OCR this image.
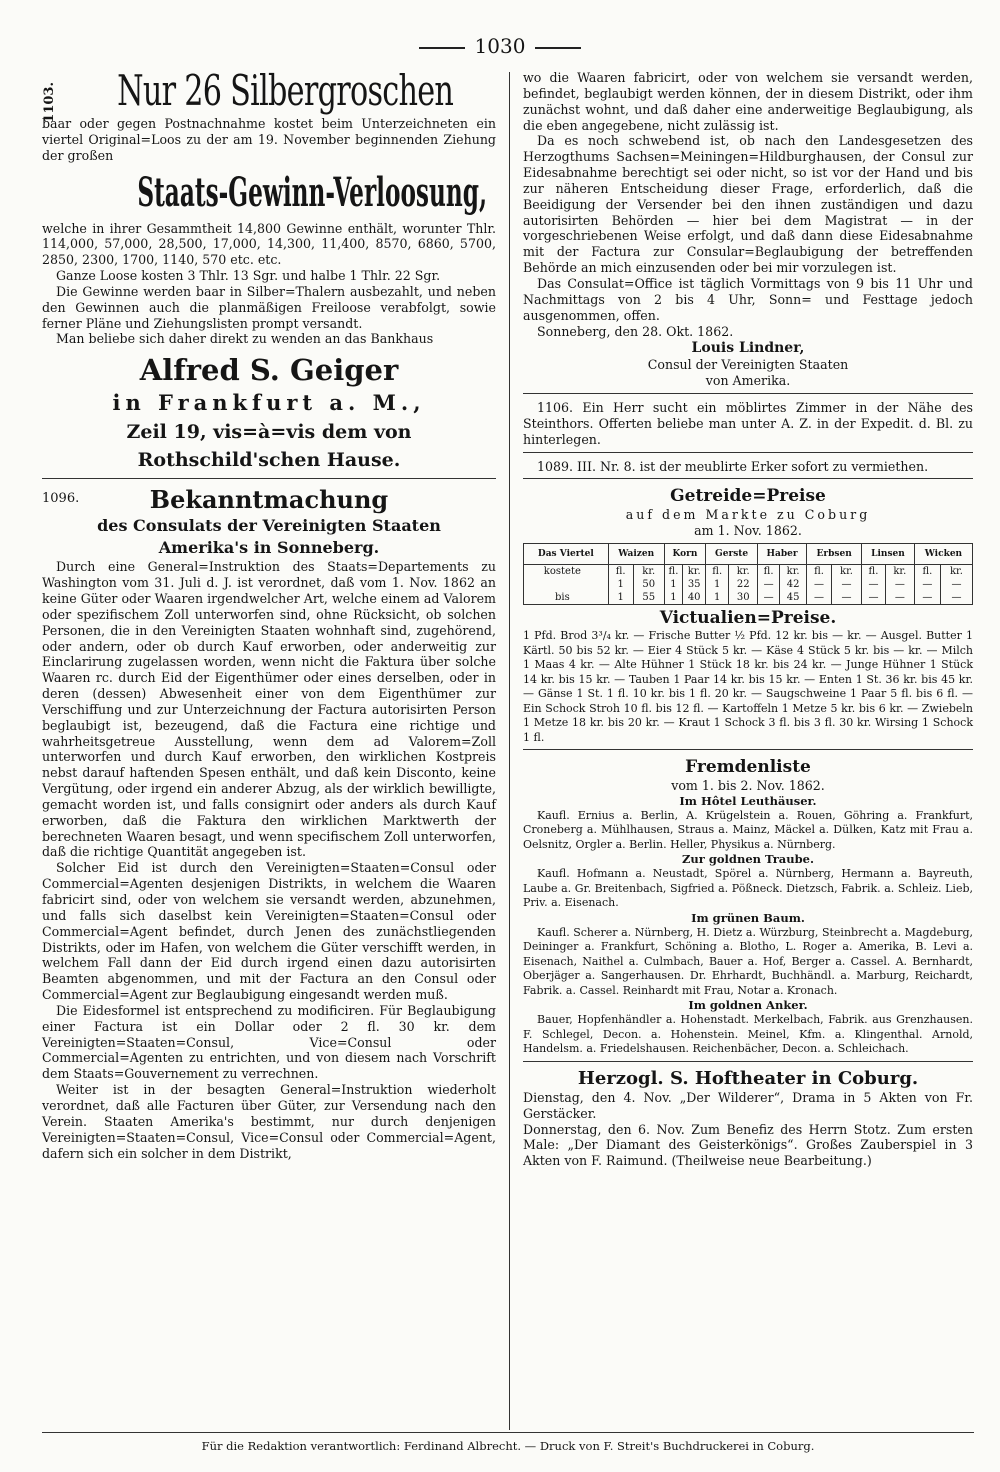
1030
1103. Nur 26 Silbergroschen

baar oder gegen Postnachnahme kostet beim Unterzeichneten ein viertel Original=Loos zu der am 19. November beginnenden Ziehung der großen

Staats-Gewinn-Verloosung,

welche in ihrer Gesammtheit 14,800 Gewinne enthält, worunter Thlr. 114,000, 57,000, 28,500, 17,000, 14,300, 11,400, 8570, 6860, 5700, 2850, 2300, 1700, 1140, 570 etc. etc.

Ganze Loose kosten 3 Thlr. 13 Sgr. und halbe 1 Thlr. 22 Sgr.

Die Gewinne werden baar in Silber=Thalern ausbezahlt, und neben den Gewinnen auch die planmäßigen Freiloose verabfolgt, sowie ferner Pläne und Ziehungslisten prompt versandt.

Man beliebe sich daher direkt zu wenden an das Bankhaus

Alfred S. Geiger
in Frankfurt a. M.,
Zeil 19, vis=à=vis dem von Rothschild'schen Hause.
1096.	Bekanntmachung
des Consulats der Vereinigten Staaten
Amerika's in Sonneberg.

Durch eine General=Instruktion des Staats=Departements zu Washington vom 31. Juli d. J. ist verordnet, daß vom 1. Nov. 1862 an keine Güter oder Waaren irgendwelcher Art, welche einem ad Valorem oder spezifischem Zoll unterworfen sind, ohne Rücksicht, ob solchen Personen, die in den Vereinigten Staaten wohnhaft sind, zugehörend, oder andern, oder ob durch Kauf erworben, oder anderweitig zur Einclarirung zugelassen worden, wenn nicht die Faktura über solche Waaren rc. durch Eid der Eigenthümer oder eines derselben, oder in deren (dessen) Abwesenheit einer von dem Eigenthümer zur Verschiffung und zur Unterzeichnung der Factura autorisirten Person beglaubigt ist, bezeugend, daß die Factura eine richtige und wahrheitsgetreue Ausstellung, wenn dem ad Valorem=Zoll unterworfen und durch Kauf erworben, den wirklichen Kostpreis nebst darauf haftenden Spesen enthält, und daß kein Disconto, keine Vergütung, oder irgend ein anderer Abzug, als der wirklich bewilligte, gemacht worden ist, und falls consignirt oder anders als durch Kauf erworben, daß die Faktura den wirklichen Marktwerth der berechneten Waaren besagt, und wenn specifischem Zoll unterworfen, daß die richtige Quantität angegeben ist.

Solcher Eid ist durch den Vereinigten=Staaten=Consul oder Commercial=Agenten desjenigen Distrikts, in welchem die Waaren fabricirt sind, oder von welchem sie versandt werden, abzunehmen, und falls sich daselbst kein Vereinigten=Staaten=Consul oder Commercial=Agent befindet, durch Jenen des zunächstliegenden Distrikts, oder im Hafen, von welchem die Güter verschifft werden, in welchem Fall dann der Eid durch irgend einen dazu autorisirten Beamten abgenommen, und mit der Factura an den Consul oder Commercial=Agent zur Beglaubigung eingesandt werden muß.

Die Eidesformel ist entsprechend zu modificiren. Für Beglaubigung einer Factura ist ein Dollar oder 2 fl. 30 kr. dem Vereinigten=Staaten=Consul, Vice=Consul oder Commercial=Agenten zu entrichten, und von diesem nach Vorschrift dem Staats=Gouvernement zu verrechnen.

Weiter ist in der besagten General=Instruktion wiederholt verordnet, daß alle Facturen über Güter, zur Versendung nach den Verein. Staaten Amerika's bestimmt, nur durch denjenigen Vereinigten=Staaten=Consul, Vice=Consul oder Commercial=Agent, dafern sich ein solcher in dem Distrikt,

wo die Waaren fabricirt, oder von welchem sie versandt werden, befindet, beglaubigt werden können, der in diesem Distrikt, oder ihm zunächst wohnt, und daß daher eine anderweitige Beglaubigung, als die eben angegebene, nicht zulässig ist.

Da es noch schwebend ist, ob nach den Landesgesetzen des Herzogthums Sachsen=Meiningen=Hildburghausen, der Consul zur Eidesabnahme berechtigt sei oder nicht, so ist vor der Hand und bis zur näheren Entscheidung dieser Frage, erforderlich, daß die Beeidigung der Versender bei den ihnen zuständigen und dazu autorisirten Behörden — hier bei dem Magistrat — in der vorgeschriebenen Weise erfolgt, und daß dann diese Eidesabnahme mit der Factura zur Consular=Beglaubigung der betreffenden Behörde an mich einzusenden oder bei mir vorzulegen ist.

Das Consulat=Office ist täglich Vormittags von 9 bis 11 Uhr und Nachmittags von 2 bis 4 Uhr, Sonn= und Festtage jedoch ausgenommen, offen.

Sonneberg, den 28. Okt. 1862.

Louis Lindner,

Consul der Vereinigten Staaten

von Amerika.

1106. Ein Herr sucht ein möblirtes Zimmer in der Nähe des Steinthors. Offerten beliebe man unter A. Z. in der Expedit. d. Bl. zu hinterlegen.

1089. III. Nr. 8. ist der meublirte Erker sofort zu vermiethen.

Getreide=Preise

auf dem Markte zu Coburg

am 1. Nov. 1862.

Das Viertel	Waizen		Korn		Gerste		Haber		Erbsen		Linsen		Wicken	
kostete	fl.	kr.	fl.	kr.	fl.	kr.	fl.	kr.	fl.	kr.	fl.	kr.	fl.	kr.
	1	50	1	35	1	22	—	42	—	—	—	—	—	—
bis	1	55	1	40	1	30	—	45	—	—	—	—	—	—
Victualien=Preise.

1 Pfd. Brod 3³/₄ kr. — Frische Butter ½ Pfd. 12 kr. bis — kr. — Ausgel. Butter 1 Kärtl. 50 bis 52 kr. — Eier 4 Stück 5 kr. — Käse 4 Stück 5 kr. bis — kr. — Milch 1 Maas 4 kr. — Alte Hühner 1 Stück 18 kr. bis 24 kr. — Junge Hühner 1 Stück 14 kr. bis 15 kr. — Tauben 1 Paar 14 kr. bis 15 kr. — Enten 1 St. 36 kr. bis 45 kr. — Gänse 1 St. 1 fl. 10 kr. bis 1 fl. 20 kr. — Saugschweine 1 Paar 5 fl. bis 6 fl. — Ein Schock Stroh 10 fl. bis 12 fl. — Kartoffeln 1 Metze 5 kr. bis 6 kr. — Zwiebeln 1 Metze 18 kr. bis 20 kr. — Kraut 1 Schock 3 fl. bis 3 fl. 30 kr. Wirsing 1 Schock 1 fl.

Fremdenliste

vom 1. bis 2. Nov. 1862.

Im Hôtel Leuthäuser.

Kaufl. Ernius a. Berlin, A. Krügelstein a. Rouen, Göhring a. Frankfurt, Croneberg a. Mühlhausen, Straus a. Mainz, Mäckel a. Dülken, Katz mit Frau a. Oelsnitz, Orgler a. Berlin. Heller, Physikus a. Nürnberg.

Zur goldnen Traube.

Kaufl. Hofmann a. Neustadt, Spörel a. Nürnberg, Hermann a. Bayreuth, Laube a. Gr. Breitenbach, Sigfried a. Pößneck. Dietzsch, Fabrik. a. Schleiz. Lieb, Priv. a. Eisenach.

Im grünen Baum.

Kaufl. Scherer a. Nürnberg, H. Dietz a. Würzburg, Steinbrecht a. Magdeburg, Deininger a. Frankfurt, Schöning a. Blotho, L. Roger a. Amerika, B. Levi a. Eisenach, Naithel a. Culmbach, Bauer a. Hof, Berger a. Cassel. A. Bernhardt, Oberjäger a. Sangerhausen. Dr. Ehrhardt, Buchhändl. a. Marburg, Reichardt, Fabrik. a. Cassel. Reinhardt mit Frau, Notar a. Kronach.

Im goldnen Anker.

Bauer, Hopfenhändler a. Hohenstadt. Merkelbach, Fabrik. aus Grenzhausen. F. Schlegel, Decon. a. Hohenstein. Meinel, Kfm. a. Klingenthal. Arnold, Handelsm. a. Friedelshausen. Reichenbächer, Decon. a. Schleichach.

Herzogl. S. Hoftheater in Coburg.

Dienstag, den 4. Nov. „Der Wilderer“, Drama in 5 Akten von Fr. Gerstäcker.

Donnerstag, den 6. Nov. Zum Benefiz des Herrn Stotz. Zum ersten Male: „Der Diamant des Geisterkönigs“. Großes Zauberspiel in 3 Akten von F. Raimund. (Theilweise neue Bearbeitung.)

Für die Redaktion verantwortlich: Ferdinand Albrecht. — Druck von F. Streit's Buchdruckerei in Coburg.
